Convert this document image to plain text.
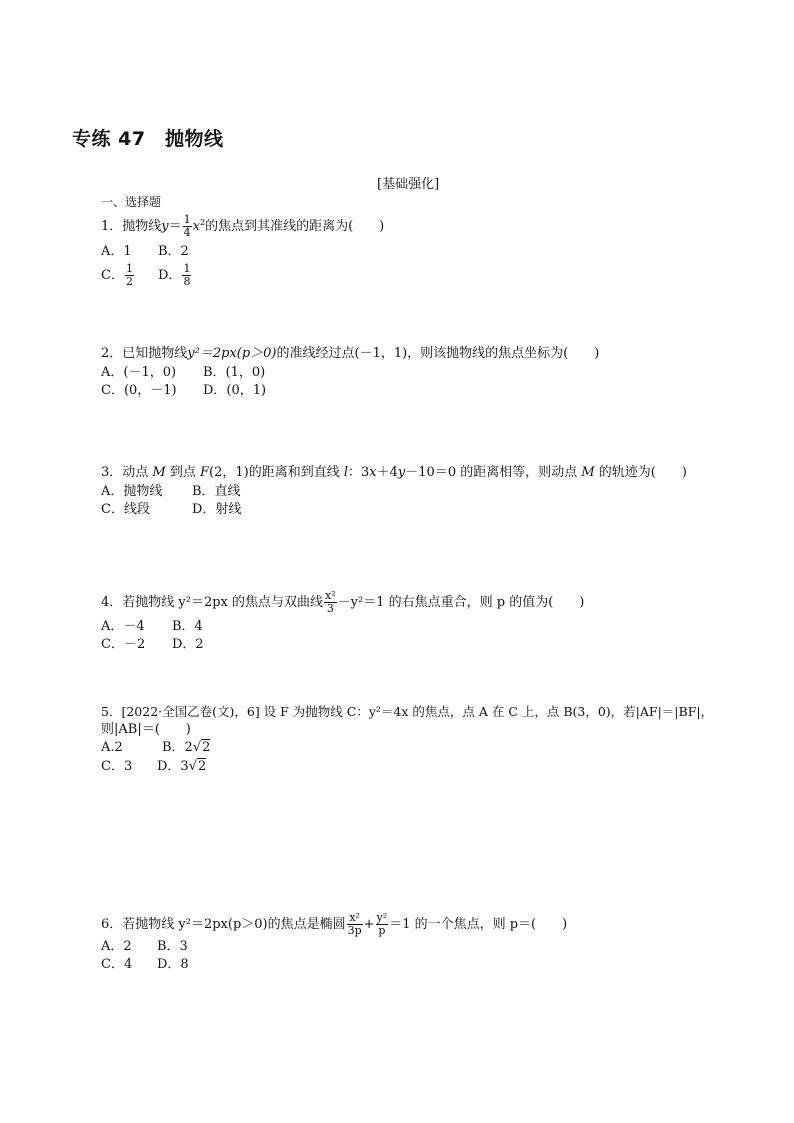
专练 47　抛物线
[基础强化]
一、选择题
1．抛物线$y= \frac{1}{4} x^2$的焦点到其准线的距离为(　　)
A．1 B．2
C． $\frac{1}{2}$ D． $\frac{1}{8}$
2．已知抛物线y²＝2px(p＞0)的准线经过点(－1，1)，则该抛物线的焦点坐标为(　　)
A．(－1，0) B．(1，0)
C．(0，－1) D．(0，1)
3．动点 M 到点 F(2，1)的距离和到直线 l：3x＋4y－10＝0 的距离相等，则动点 M 的轨迹为(　　)
A．抛物线 B．直线
C．线段	D．射线
4．若抛物线 y²＝2px 的焦点与双曲线 $\frac{\text{x²}}{3} -y^2=1$ 的右焦点重合，则 p 的值为(　　)
A．－4 B．4
C．－2 D．2
5．[2022·全国乙卷(文)，6] 设 F 为抛物线 C：y²＝4x 的焦点，点 A 在 C 上，点 B(3，0)，若|AF|＝|BF|，
则|AB|＝(　　)
A.2	B．2√2
C．3 D．3√2
6．若抛物线 y²＝2px(p＞0)的焦点是椭圆 $\frac{\text{x²}}{3p} + \frac{\text{y²}}{p} =1$ 的一个焦点，则 p＝(　　)
A．2 B．3
C．4 D．8
